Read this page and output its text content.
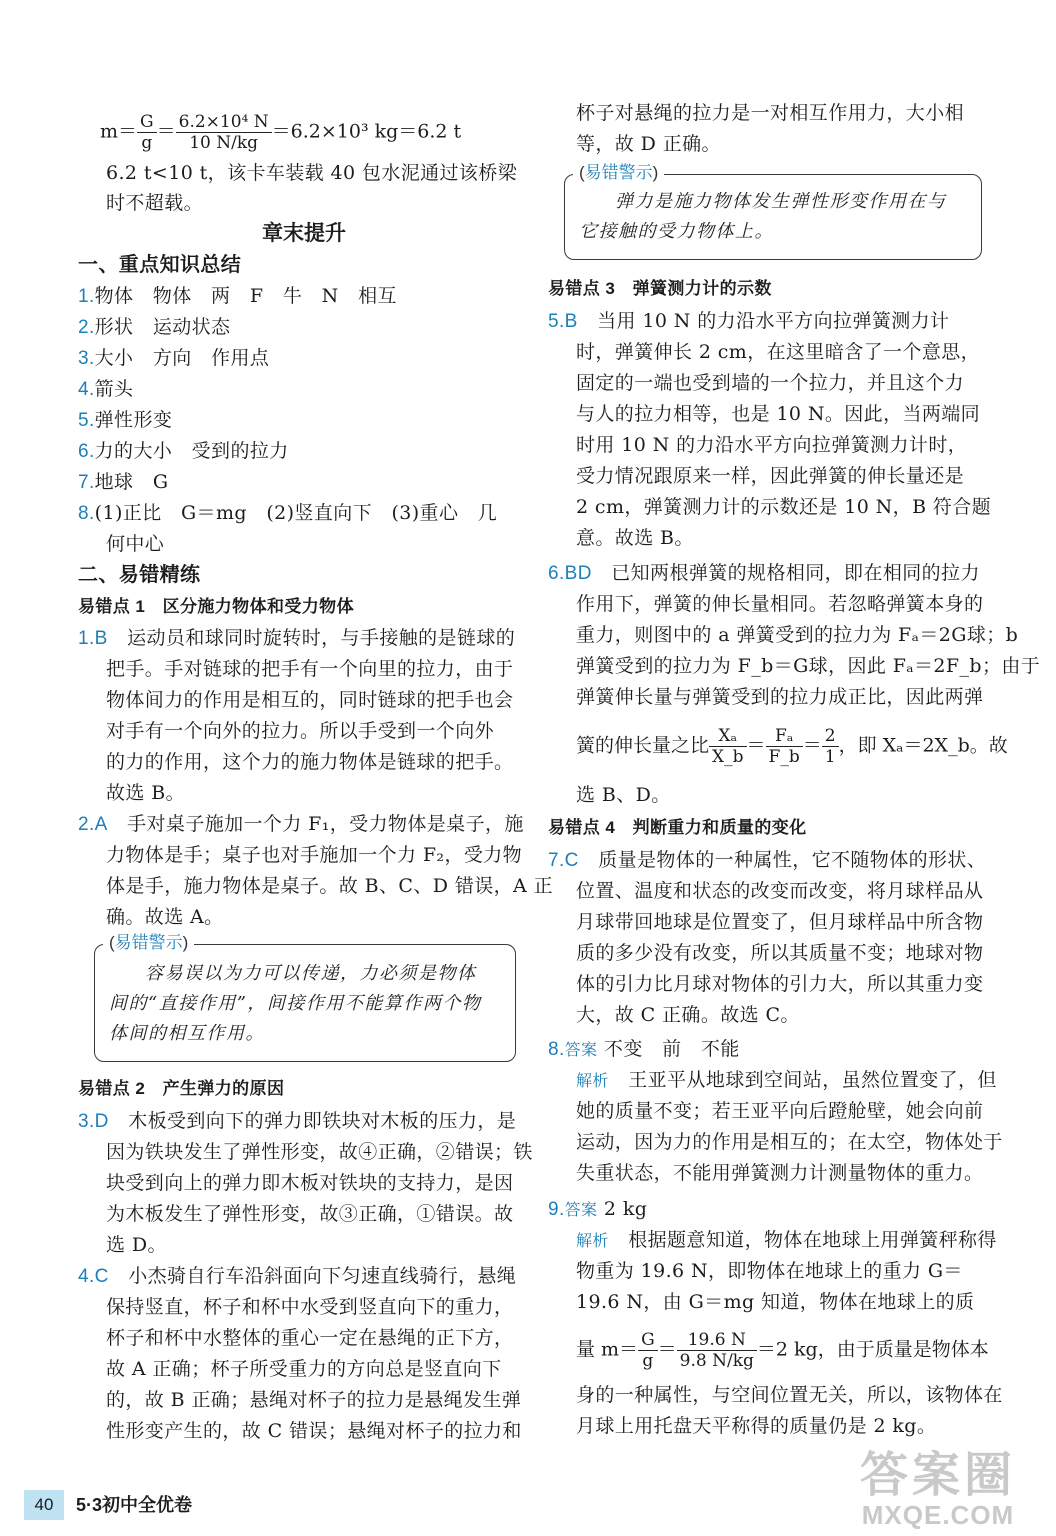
$m= \frac{G}{g} = \frac{\text{6.2×10⁴ N}}{10 N/kg} =6.2\times 10^3$ kg＝6.2 t
6.2 t<10 t，该卡车装载 40 包水泥通过该桥梁
时不超载。
章末提升
一、重点知识总结
1.物体　物体　两　F　牛　N　相互
2.形状　运动状态
3.大小　方向　作用点
4.箭头
5.弹性形变
6.力的大小　受到的拉力
7.地球　G
8.(1)正比　G＝mg　(2)竖直向下　(3)重心　几
何中心
二、易错精练
易错点 1　区分施力物体和受力物体
1.B　 运动员和球同时旋转时，与手接触的是链球的
把手。手对链球的把手有一个向里的拉力，由于
物体间力的作用是相互的，同时链球的把手也会
对手有一个向外的拉力。所以手受到一个向外
的力的作用，这个力的施力物体是链球的把手。
故选 B。
2.A　 手对桌子施加一个力 F₁，受力物体是桌子，施
力物体是手；桌子也对手施加一个力 F₂，受力物
体是手，施力物体是桌子。故 B、C、D 错误，A 正
确。故选 A。
(易错警示)
容易误以为力可以传递，力必须是物体
间的“直接作用”，间接作用不能算作两个物
体间的相互作用。
易错点 2　产生弹力的原因
3.D　 木板受到向下的弹力即铁块对木板的压力，是
因为铁块发生了弹性形变，故④正确，②错误；铁
块受到向上的弹力即木板对铁块的支持力，是因
为木板发生了弹性形变，故③正确，①错误。故
选 D。
4.C　 小杰骑自行车沿斜面向下匀速直线骑行，悬绳
保持竖直，杯子和杯中水受到竖直向下的重力，
杯子和杯中水整体的重心一定在悬绳的正下方，
故 A 正确；杯子所受重力的方向总是竖直向下
的，故 B 正确；悬绳对杯子的拉力是悬绳发生弹
性形变产生的，故 C 错误；悬绳对杯子的拉力和
杯子对悬绳的拉力是一对相互作用力，大小相
等，故 D 正确。
(易错警示)
弹力是施力物体发生弹性形变作用在与
它接触的受力物体上。
易错点 3　弹簧测力计的示数
5.B　 当用 10 N 的力沿水平方向拉弹簧测力计
时，弹簧伸长 2 cm，在这里暗含了一个意思，
固定的一端也受到墙的一个拉力，并且这个力
与人的拉力相等，也是 10 N。因此，当两端同
时用 10 N 的力沿水平方向拉弹簧测力计时，
受力情况跟原来一样，因此弹簧的伸长量还是
2 cm，弹簧测力计的示数还是 10 N，B 符合题
意。故选 B。
6.BD　 已知两根弹簧的规格相同，即在相同的拉力
作用下，弹簧的伸长量相同。若忽略弹簧本身的
重力，则图中的 a 弹簧受到的拉力为 Fₐ＝2G球；b
弹簧受到的拉力为 F_b＝G球，因此 Fₐ＝2F_b；由于
弹簧伸长量与弹簧受到的拉力成正比，因此两弹
簧的伸长量之比 $\frac{\text{Xₐ}}{X\_b} = \frac{\text{Fₐ}}{F\_b} = \frac{2}{1}$ ，即 Xₐ＝2X_b。故
选 B、D。
易错点 4　判断重力和质量的变化
7.C　 质量是物体的一种属性，它不随物体的形状、
位置、温度和状态的改变而改变，将月球样品从
月球带回地球是位置变了，但月球样品中所含物
质的多少没有改变，所以其质量不变；地球对物
体的引力比月球对物体的引力大，所以其重力变
大，故 C 正确。故选 C。
8.答案 不变　前　不能
解析　 王亚平从地球到空间站，虽然位置变了，但
她的质量不变；若王亚平向后蹬舱壁，她会向前
运动，因为力的作用是相互的；在太空，物体处于
失重状态，不能用弹簧测力计测量物体的重力。
9.答案 2 kg
解析　 根据题意知道，物体在地球上用弹簧秤称得
物重为 19.6 N，即物体在地球上的重力 G＝
19.6 N，由 G＝mg 知道，物体在地球上的质
量 $m= \frac{G}{g} = \frac{19.6 N}{9.8 N/kg} =2$ kg，由于质量是物体本
身的一种属性，与空间位置无关，所以，该物体在
月球上用托盘天平称得的质量仍是 2 kg。
40	5·3初中全优卷
答案圈
MXQE.COM
